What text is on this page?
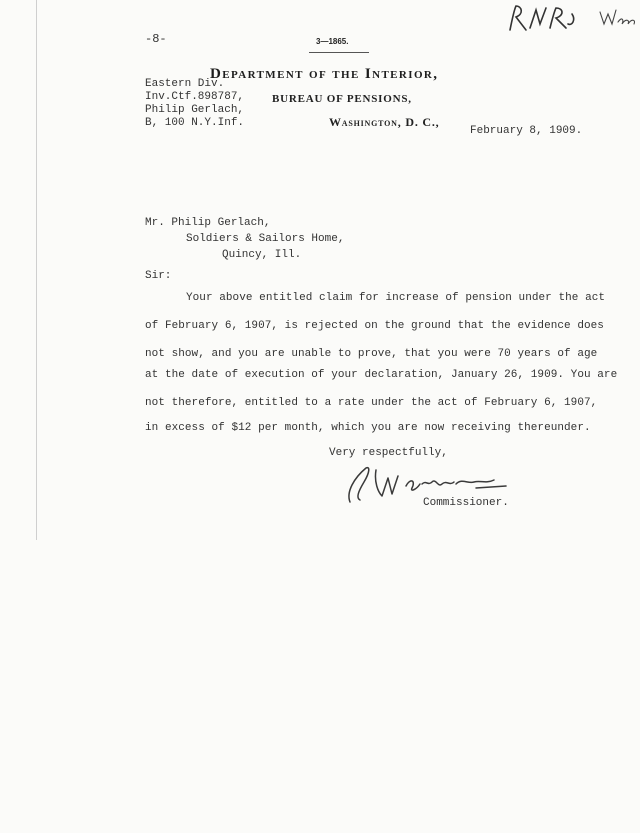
-8-	3—1865.
Department of the Interior,
Eastern Div.
Inv.Ctf.898787,
Philip Gerlach,
B, 100 N.Y.Inf.
BUREAU OF PENSIONS,
Washington, D. C.,
February 8, 1909.
Mr. Philip Gerlach,
Soldiers & Sailors Home,
Quincy, Ill.
Sir:
Your above entitled claim for increase of pension under the act
of February 6, 1907, is rejected on the ground that the evidence does
not show, and you are unable to prove, that you were 70 years of age
at the date of execution of your declaration, January 26, 1909. You are
not therefore, entitled to a rate under the act of February 6, 1907,
in excess of $12 per month, which you are now receiving thereunder.
Very respectfully,
Commissioner.
